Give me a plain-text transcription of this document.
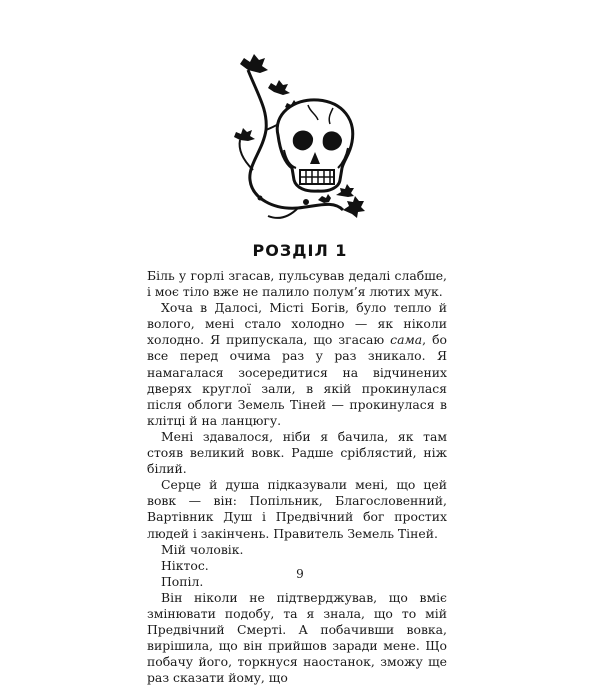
РОЗДІЛ 1

Біль у горлі згасав, пульсував дедалі слабше, і моє тіло вже не палило полум’я лютих мук.

Хоча в Далосі, Місті Богів, було тепло й вологo, мені стало холодно — як ніколи холодно. Я припускала, що згасаю сама, бо все перед очима раз у раз зникало. Я намагалася зосередитися на відчинених дверях круглої зали, в якій прокинулася після облоги Земель Тіней — прокинулася в клітці й на ланцюгу.

Мені здавалося, ніби я бачила, як там стояв великий вовк. Радше сріблястий, ніж білий.

Серце й душа підказували мені, що цей вовк — він: Попільник, Благословенний, Вартівник Душ і Предвічний бог простих людей і закінчень. Правитель Земель Тіней.

Мій чоловік.

Ніктос.

Попіл.

Він ніколи не підтверджував, що вміє змінювати подобу, та я знала, що то мій Предвічний Смерті. А побачивши вовка, вирішила, що він прийшов заради мене. Що побачу його, торкнуся наостанок, зможу ще раз сказати йому, що

9
